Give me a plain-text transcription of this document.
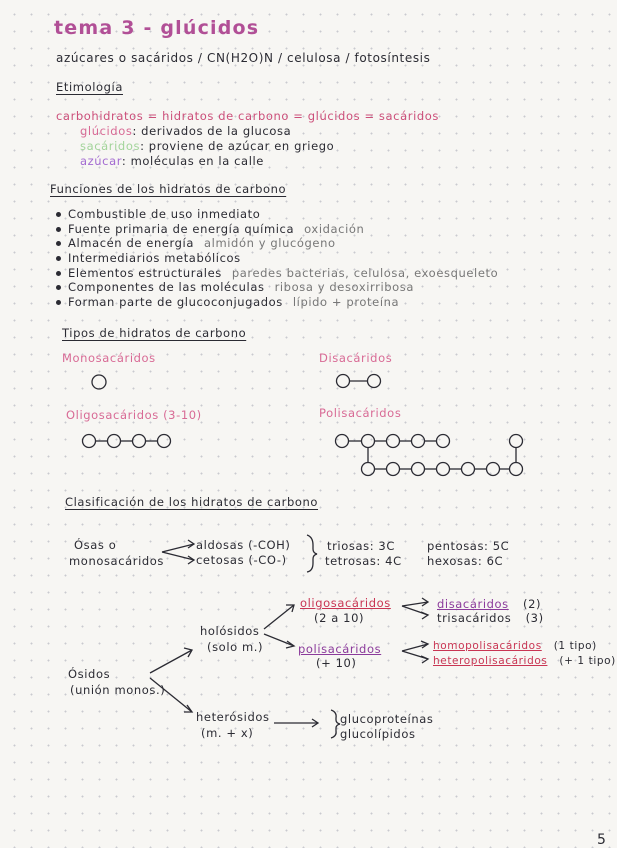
tema 3 - glúcidos
azúcares o sacáridos / CN(H2O)N / celulosa / fotosíntesis
Etimología
carbohidratos = hidratos de carbono = glúcidos = sacáridos
glúcidos: derivados de la glucosa
sacáridos: proviene de azúcar en griego
azúcar: moléculas en la calle
Funciones de los hidratos de carbono
Combustible de uso inmediato
Fuente primaria de energía química oxidación
Almacén de energía almidón y glucógeno
Intermediarios metabólicos
Elementos estructurales paredes bacterias, celulosa, exoesqueleto
Componentes de las moléculas ribosa y desoxirribosa
Forman parte de glucoconjugados lípido + proteína
Tipos de hidratos de carbono
Monosacáridos	Disacáridos
Oligosacáridos (3-10)	Polisacáridos
Clasificación de los hidratos de carbono
Ósas o
monosacáridos
aldosas (-COH)
cetosas (-CO-)
triosas: 3C
tetrosas: 4C
pentosas: 5C
hexosas: 6C
holósidos
(solo m.)
oligosacáridos
(2 a 10)
polisacáridos
(+ 10)
disacáridos (2)
trisacáridos (3)
homopolisacáridos (1 tipo)
heteropolisacáridos (+ 1 tipo)
Ósidos
(unión monos.)
heterósidos
(m. + x)
glucoproteínas
glucolípidos
5
